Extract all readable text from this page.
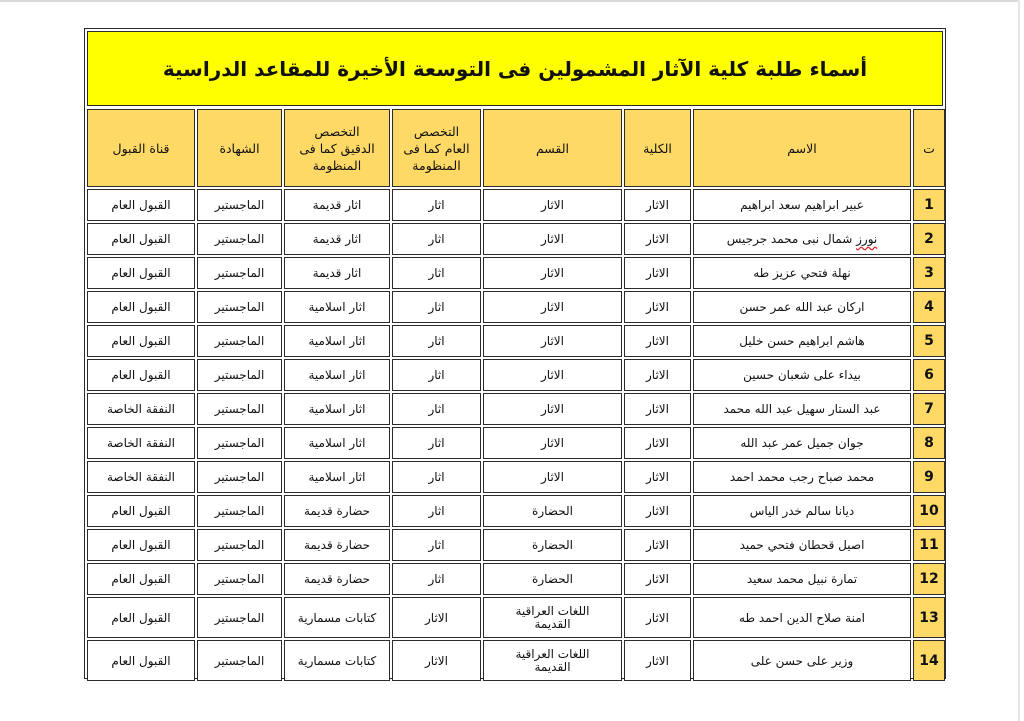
أسماء طلبة كلية الآثار المشمولين فى التوسعة الأخيرة للمقاعد الدراسية
ت	الاسم	الكلية	القسم	التخصص العام كما فى المنظومة	التخصص الدقيق كما فى المنظومة	الشهادة	قناة القبول
1	عبير ابراهيم سعد ابراهيم	الاثار	الاثار	اثار	اثار قديمة	الماجستير	القبول العام
2	نورز شمال نبى محمد جرجيس	الاثار	الاثار	اثار	اثار قديمة	الماجستير	القبول العام
3	نهلة فتحي عزيز طه	الاثار	الاثار	اثار	اثار قديمة	الماجستير	القبول العام
4	اركان عبد الله عمر حسن	الاثار	الاثار	اثار	اثار اسلامية	الماجستير	القبول العام
5	هاشم ابراهيم حسن خليل	الاثار	الاثار	اثار	اثار اسلامية	الماجستير	القبول العام
6	بيداء على شعبان حسين	الاثار	الاثار	اثار	اثار اسلامية	الماجستير	القبول العام
7	عبد الستار سهيل عبد الله محمد	الاثار	الاثار	اثار	اثار اسلامية	الماجستير	النفقة الخاصة
8	جوان جميل عمر عبد الله	الاثار	الاثار	اثار	اثار اسلامية	الماجستير	النفقة الخاصة
9	محمد صباح رجب محمد احمد	الاثار	الاثار	اثار	اثار اسلامية	الماجستير	النفقة الخاصة
10	ديانا سالم خدر الياس	الاثار	الحضارة	اثار	حضارة قديمة	الماجستير	القبول العام
11	اصيل قحطان فتحي حميد	الاثار	الحضارة	اثار	حضارة قديمة	الماجستير	القبول العام
12	تمارة نبيل محمد سعيد	الاثار	الحضارة	اثار	حضارة قديمة	الماجستير	القبول العام
13	امنة صلاح الدين احمد طه	الاثار	اللغات العراقية القديمة	الاثار	كتابات مسمارية	الماجستير	القبول العام
14	وزير على حسن على	الاثار	اللغات العراقية القديمة	الاثار	كتابات مسمارية	الماجستير	القبول العام
